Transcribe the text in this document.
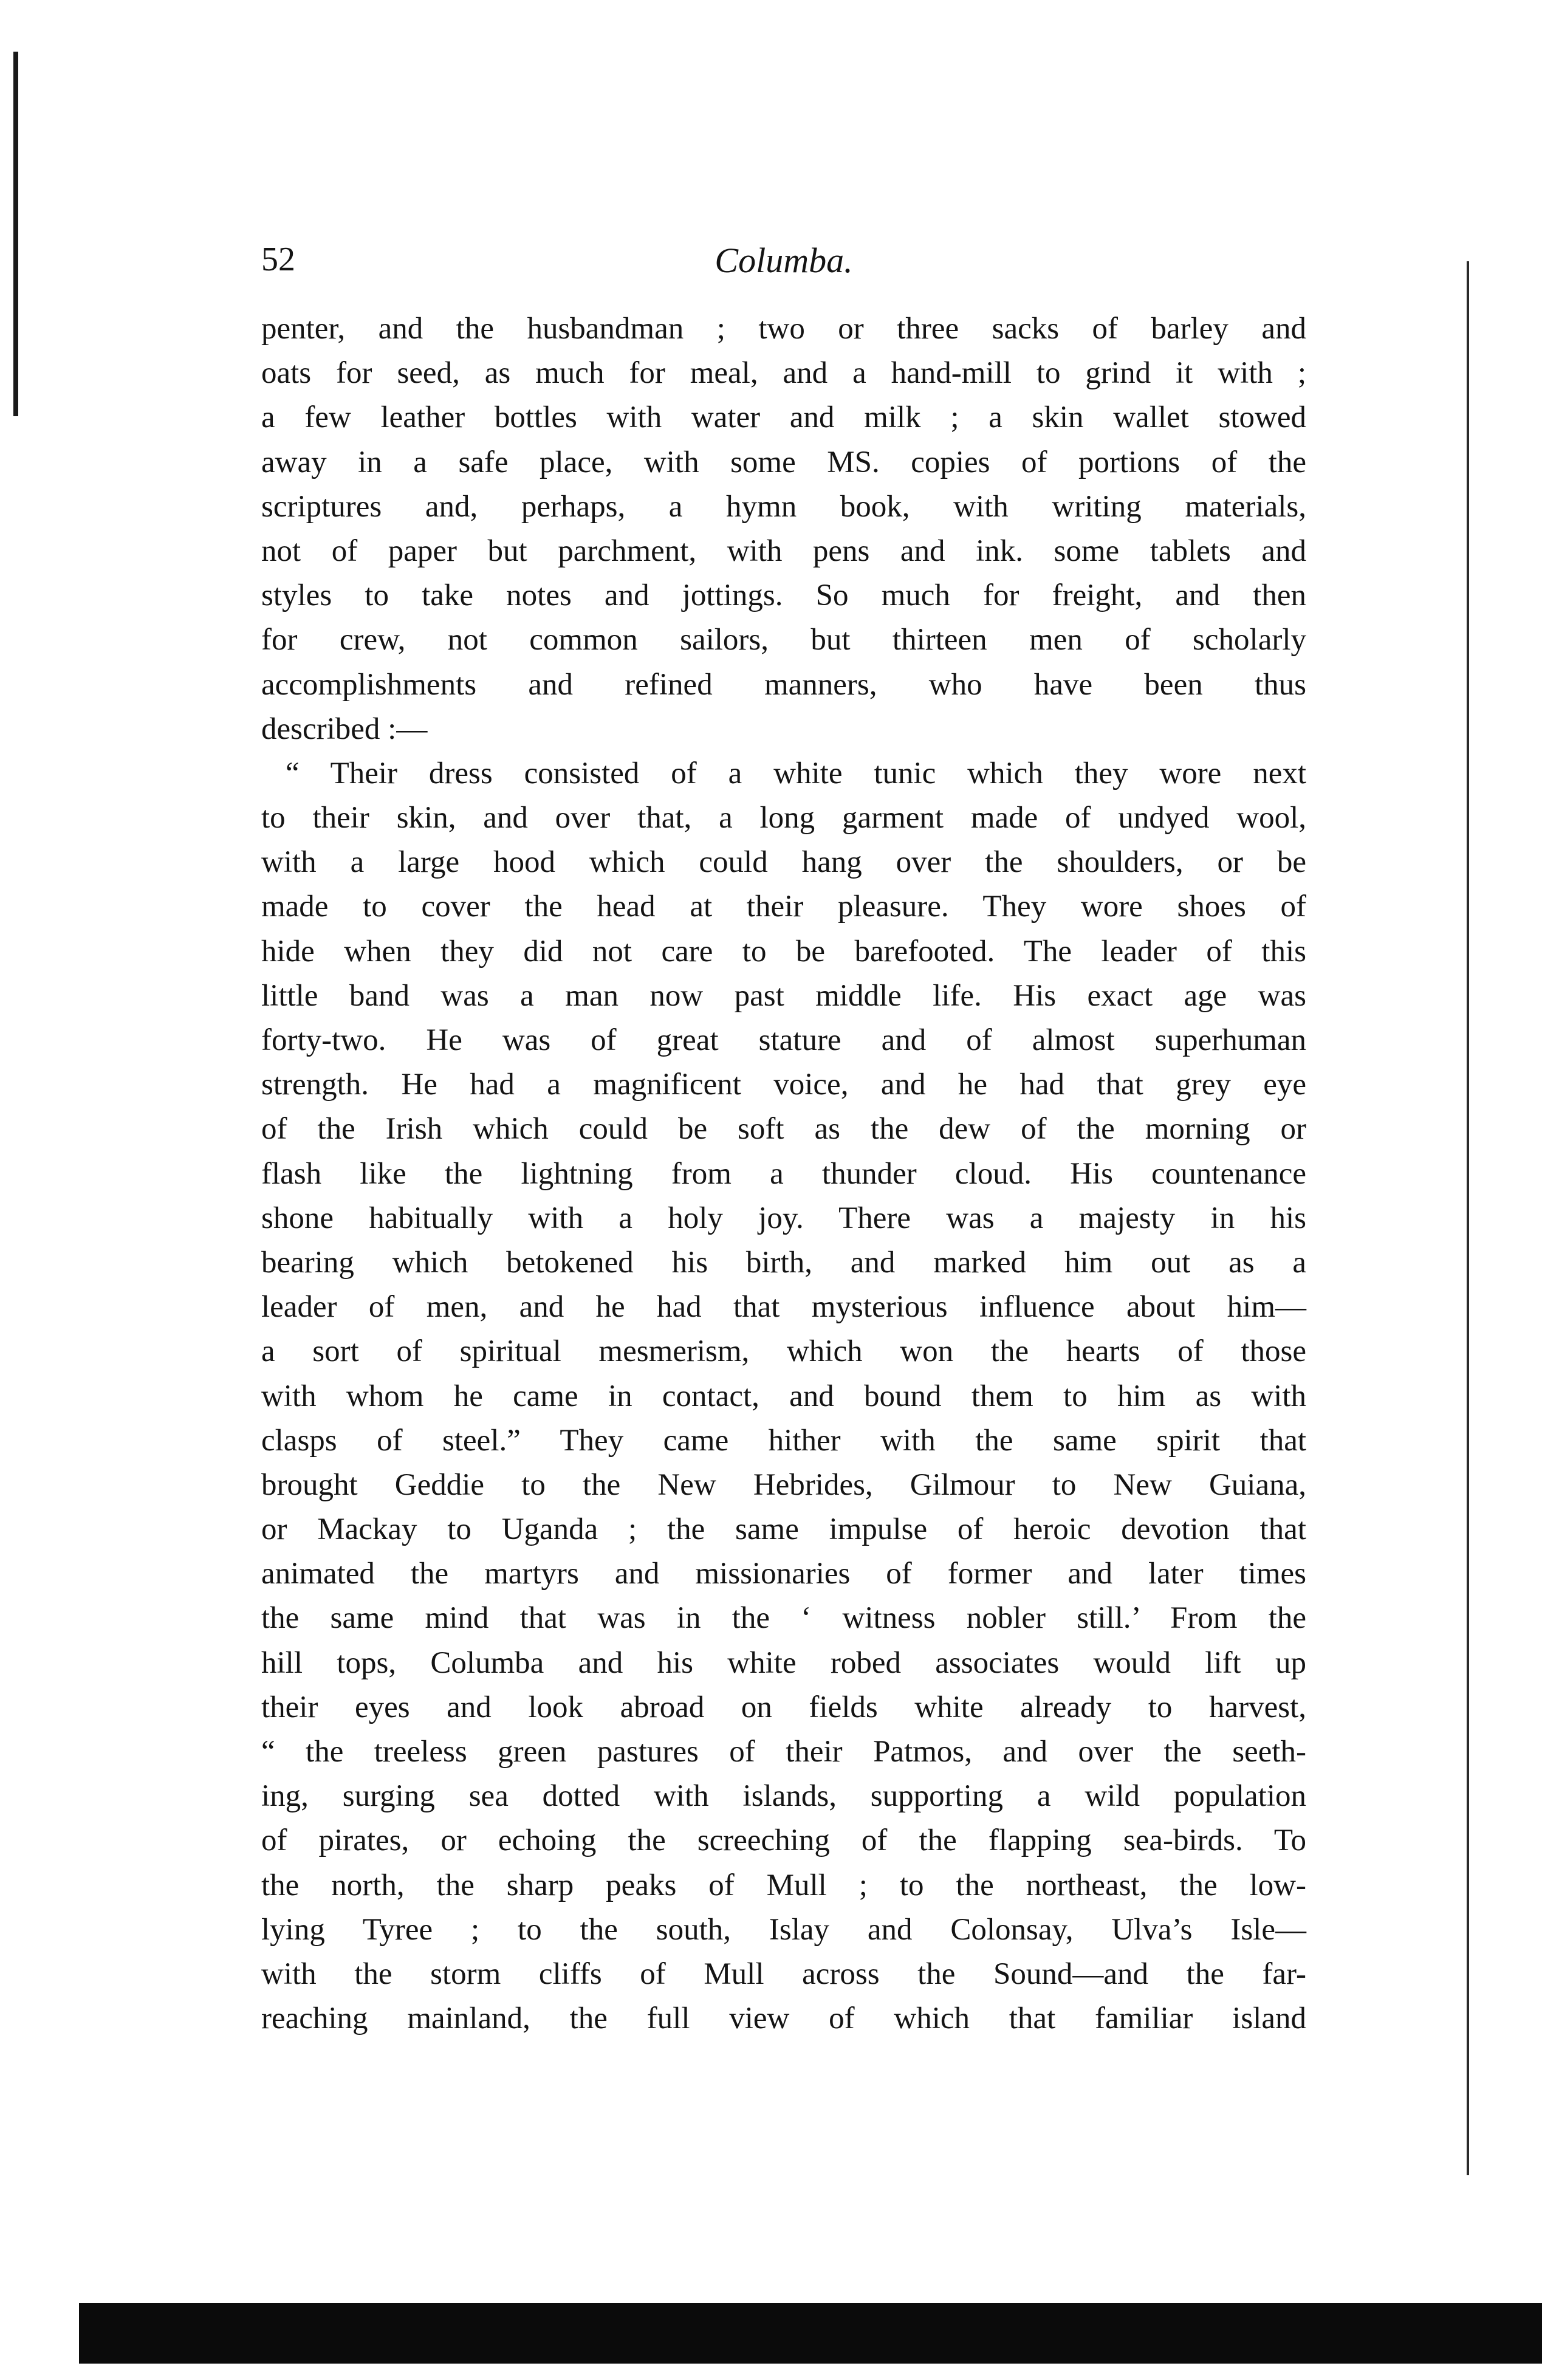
52	Columba.
penter, and the husbandman ; two or three sacks of barley and
oats for seed, as much for meal, and a hand-mill to grind it with ;
a few leather bottles with water and milk ; a skin wallet stowed
away in a safe place, with some MS. copies of portions of the
scriptures and, perhaps, a hymn book, with writing materials,
not of paper but parchment, with pens and ink. some tablets and
styles to take notes and jottings. So much for freight, and then
for crew, not common sailors, but thirteen men of scholarly
accomplishments and refined manners, who have been thus
described :—
“ Their dress consisted of a white tunic which they wore next
to their skin, and over that, a long garment made of undyed wool,
with a large hood which could hang over the shoulders, or be
made to cover the head at their pleasure. They wore shoes of
hide when they did not care to be barefooted. The leader of this
little band was a man now past middle life. His exact age was
forty-two. He was of great stature and of almost superhuman
strength. He had a magnificent voice, and he had that grey eye
of the Irish which could be soft as the dew of the morning or
flash like the lightning from a thunder cloud. His countenance
shone habitually with a holy joy. There was a majesty in his
bearing which betokened his birth, and marked him out as a
leader of men, and he had that mysterious influence about him—
a sort of spiritual mesmerism, which won the hearts of those
with whom he came in contact, and bound them to him as with
clasps of steel.” They came hither with the same spirit that
brought Geddie to the New Hebrides, Gilmour to New Guiana,
or Mackay to Uganda ; the same impulse of heroic devotion that
animated the martyrs and missionaries of former and later times
the same mind that was in the ‘ witness nobler still.’ From the
hill tops, Columba and his white robed associates would lift up
their eyes and look abroad on fields white already to harvest,
“ the treeless green pastures of their Patmos, and over the seeth-
ing, surging sea dotted with islands, supporting a wild population
of pirates, or echoing the screeching of the flapping sea-birds. To
the north, the sharp peaks of Mull ; to the northeast, the low-
lying Tyree ; to the south, Islay and Colonsay, Ulva’s Isle—
with the storm cliffs of Mull across the Sound—and the far-
reaching mainland, the full view of which that familiar island
